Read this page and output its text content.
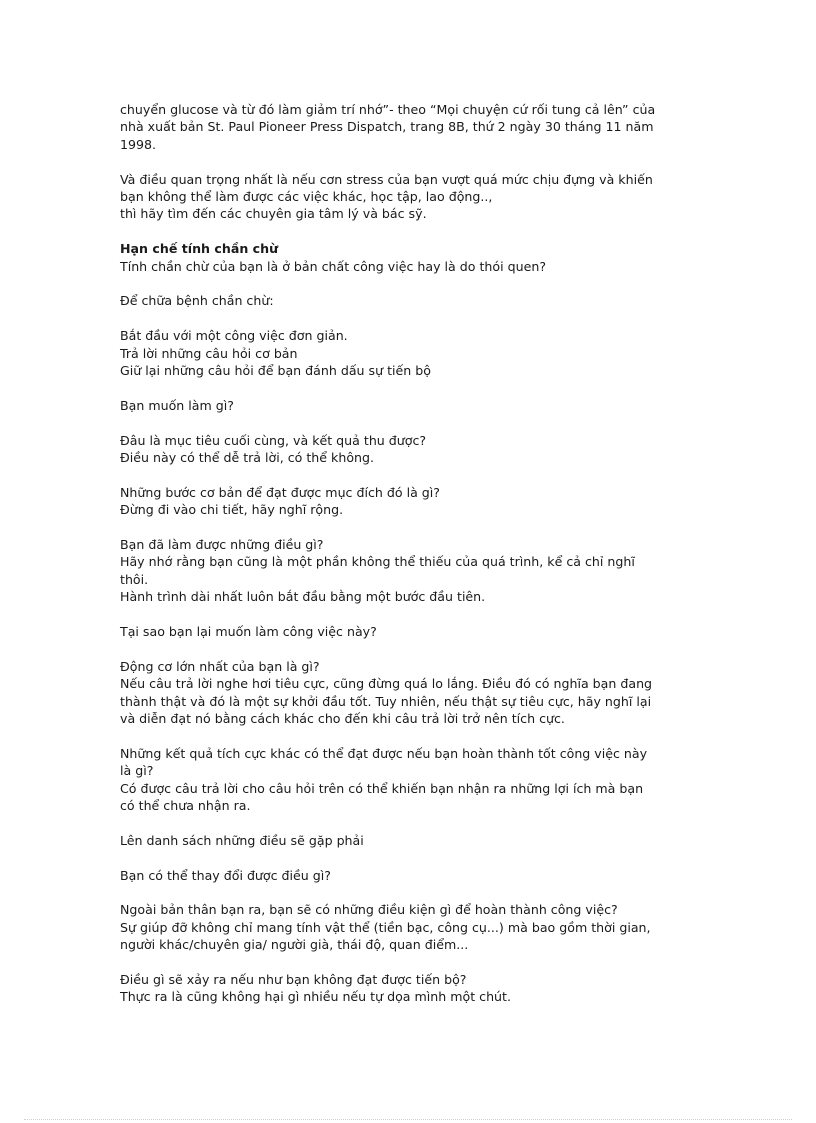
chuyển glucose và từ đó làm giảm trí nhớ”- theo “Mọi chuyện cứ rối tung cả lên” của
nhà xuất bản St. Paul Pioneer Press Dispatch, trang 8B, thứ 2 ngày 30 tháng 11 năm
1998.
Và điều quan trọng nhất là nếu cơn stress của bạn vượt quá mức chịu đựng và khiến
bạn không thể làm được các việc khác, học tập, lao động..,
thì hãy tìm đến các chuyên gia tâm lý và bác sỹ.
Hạn chế tính chần chừ
Tính chần chừ của bạn là ở bản chất công việc hay là do thói quen?
Để chữa bệnh chần chừ:
Bắt đầu với một công việc đơn giản.
Trả lời những câu hỏi cơ bản
Giữ lại những câu hỏi để bạn đánh dấu sự tiến bộ
Bạn muốn làm gì?
Đâu là mục tiêu cuối cùng, và kết quả thu được?
Điều này có thể dễ trả lời, có thể không.
Những bước cơ bản để đạt được mục đích đó là gì?
Đừng đi vào chi tiết, hãy nghĩ rộng.
Bạn đã làm được những điều gì?
Hãy nhớ rằng bạn cũng là một phần không thể thiếu của quá trình, kể cả chỉ nghĩ
thôi.
Hành trình dài nhất luôn bắt đầu bằng một bước đầu tiên.
Tại sao bạn lại muốn làm công việc này?
Động cơ lớn nhất của bạn là gì?
Nếu câu trả lời nghe hơi tiêu cực, cũng đừng quá lo lắng. Điều đó có nghĩa bạn đang
thành thật và đó là một sự khởi đầu tốt. Tuy nhiên, nếu thật sự tiêu cực, hãy nghĩ lại
và diễn đạt nó bằng cách khác cho đến khi câu trả lời trở nên tích cực.
Những kết quả tích cực khác có thể đạt được nếu bạn hoàn thành tốt công việc này
là gì?
Có được câu trả lời cho câu hỏi trên có thể khiến bạn nhận ra những lợi ích mà bạn
có thể chưa nhận ra.
Lên danh sách những điều sẽ gặp phải
Bạn có thể thay đổi được điều gì?
Ngoài bản thân bạn ra, bạn sẽ có những điều kiện gì để hoàn thành công việc?
Sự giúp đỡ không chỉ mang tính vật thể (tiền bạc, công cụ...) mà bao gồm thời gian,
người khác/chuyên gia/ người già, thái độ, quan điểm...
Điều gì sẽ xảy ra nếu như bạn không đạt được tiến bộ?
Thực ra là cũng không hại gì nhiều nếu tự dọa mình một chút.
